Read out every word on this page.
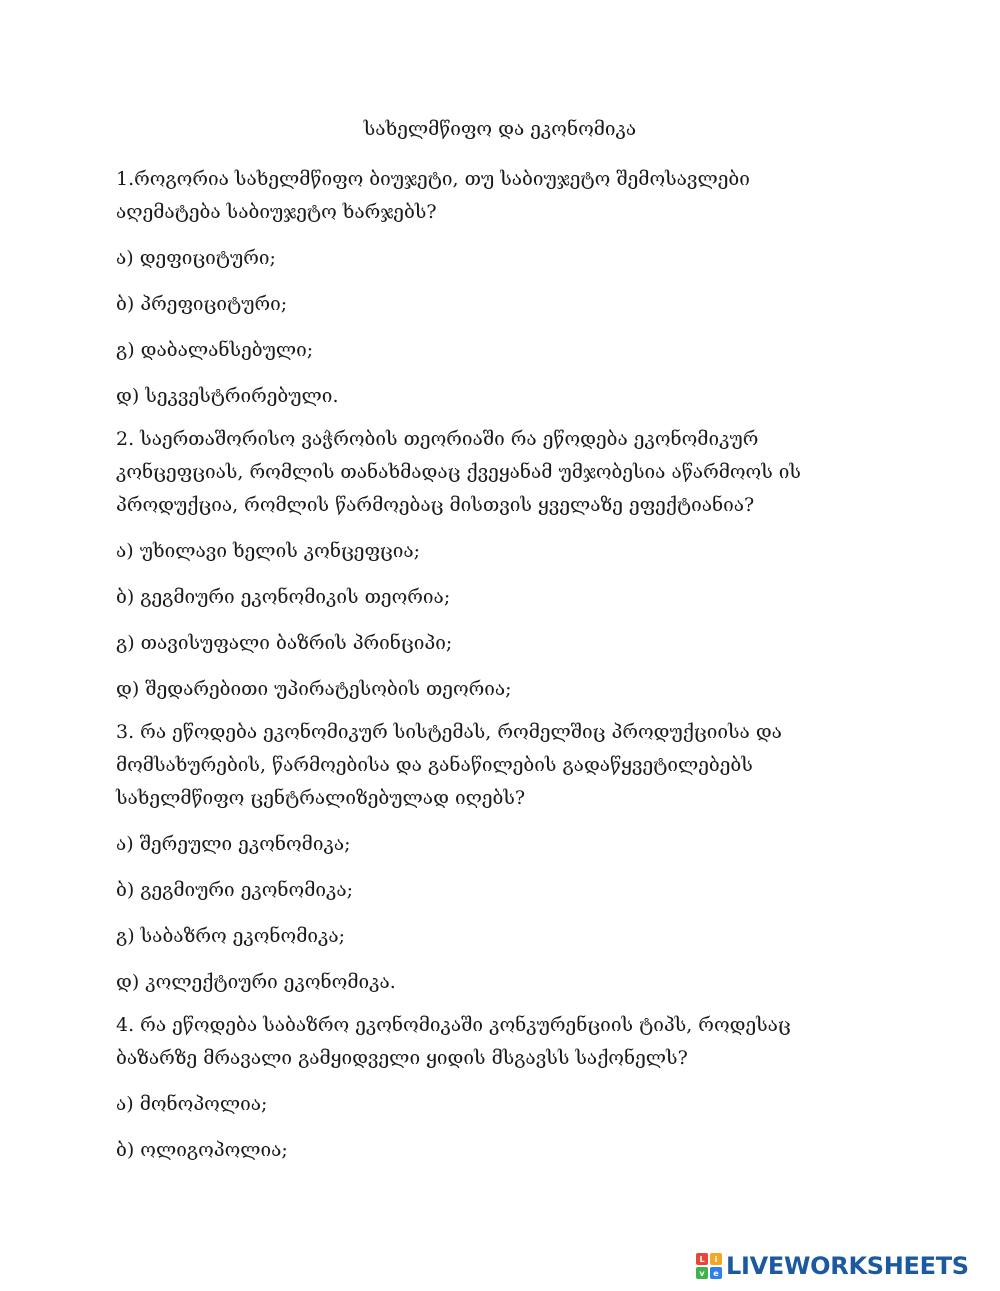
სახელმწიფო და ეკონომიკა
1.როგორია სახელმწიფო ბიუჯეტი, თუ საბიუჯეტო შემოსავლები
აღემატება საბიუჯეტო ხარჯებს?
ა) დეფიციტური;
ბ) პრეფიციტური;
გ) დაბალანსებული;
დ) სეკვესტრირებული.
2. საერთაშორისო ვაჭრობის თეორიაში რა ეწოდება ეკონომიკურ
კონცეფციას, რომლის თანახმადაც ქვეყანამ უმჯობესია აწარმოოს ის
პროდუქცია, რომლის წარმოებაც მისთვის ყველაზე ეფექტიანია?
ა) უხილავი ხელის კონცეფცია;
ბ) გეგმიური ეკონომიკის თეორია;
გ) თავისუფალი ბაზრის პრინციპი;
დ) შედარებითი უპირატესობის თეორია;
3. რა ეწოდება ეკონომიკურ სისტემას, რომელშიც პროდუქციისა და
მომსახურების, წარმოებისა და განაწილების გადაწყვეტილებებს
სახელმწიფო ცენტრალიზებულად იღებს?
ა) შერეული ეკონომიკა;
ბ) გეგმიური ეკონომიკა;
გ) საბაზრო ეკონომიკა;
დ) კოლექტიური ეკონომიკა.
4. რა ეწოდება საბაზრო ეკონომიკაში კონკურენციის ტიპს, როდესაც
ბაზარზე მრავალი გამყიდველი ყიდის მსგავსს საქონელს?
ა) მონოპოლია;
ბ) ოლიგოპოლია;
L	i
v	e LIVEWORKSHEETS
